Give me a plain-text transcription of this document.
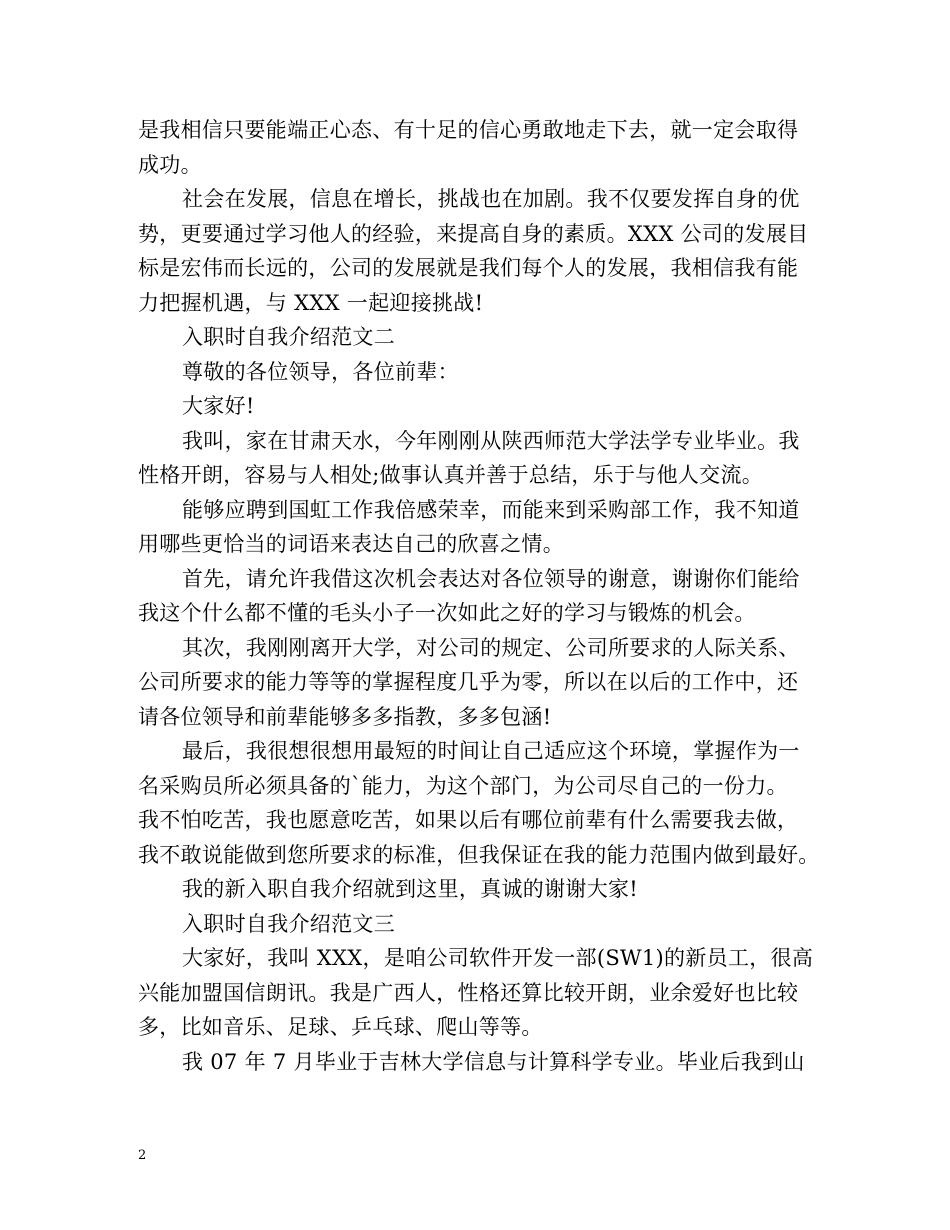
是我相信只要能端正心态、有十足的信心勇敢地走下去，就一定会取得
成功。
社会在发展，信息在增长，挑战也在加剧。我不仅要发挥自身的优
势，更要通过学习他人的经验，来提高自身的素质。XXX 公司的发展目
标是宏伟而长远的，公司的发展就是我们每个人的发展，我相信我有能
力把握机遇，与 XXX 一起迎接挑战!
入职时自我介绍范文二
尊敬的各位领导，各位前辈：
大家好!
我叫，家在甘肃天水，今年刚刚从陕西师范大学法学专业毕业。我
性格开朗，容易与人相处;做事认真并善于总结，乐于与他人交流。
能够应聘到国虹工作我倍感荣幸，而能来到采购部工作，我不知道
用哪些更恰当的词语来表达自己的欣喜之情。
首先，请允许我借这次机会表达对各位领导的谢意，谢谢你们能给
我这个什么都不懂的毛头小子一次如此之好的学习与锻炼的机会。
其次，我刚刚离开大学，对公司的规定、公司所要求的人际关系、
公司所要求的能力等等的掌握程度几乎为零，所以在以后的工作中，还
请各位领导和前辈能够多多指教，多多包涵!
最后，我很想很想用最短的时间让自己适应这个环境，掌握作为一
名采购员所必须具备的`能力，为这个部门，为公司尽自己的一份力。
我不怕吃苦，我也愿意吃苦，如果以后有哪位前辈有什么需要我去做，
我不敢说能做到您所要求的标准，但我保证在我的能力范围内做到最好。
我的新入职自我介绍就到这里，真诚的谢谢大家!
入职时自我介绍范文三
大家好，我叫 XXX，是咱公司软件开发一部(SW1)的新员工，很高
兴能加盟国信朗讯。我是广西人，性格还算比较开朗，业余爱好也比较
多，比如音乐、足球、乒乓球、爬山等等。
我 07 年 7 月毕业于吉林大学信息与计算科学专业。毕业后我到山
2
